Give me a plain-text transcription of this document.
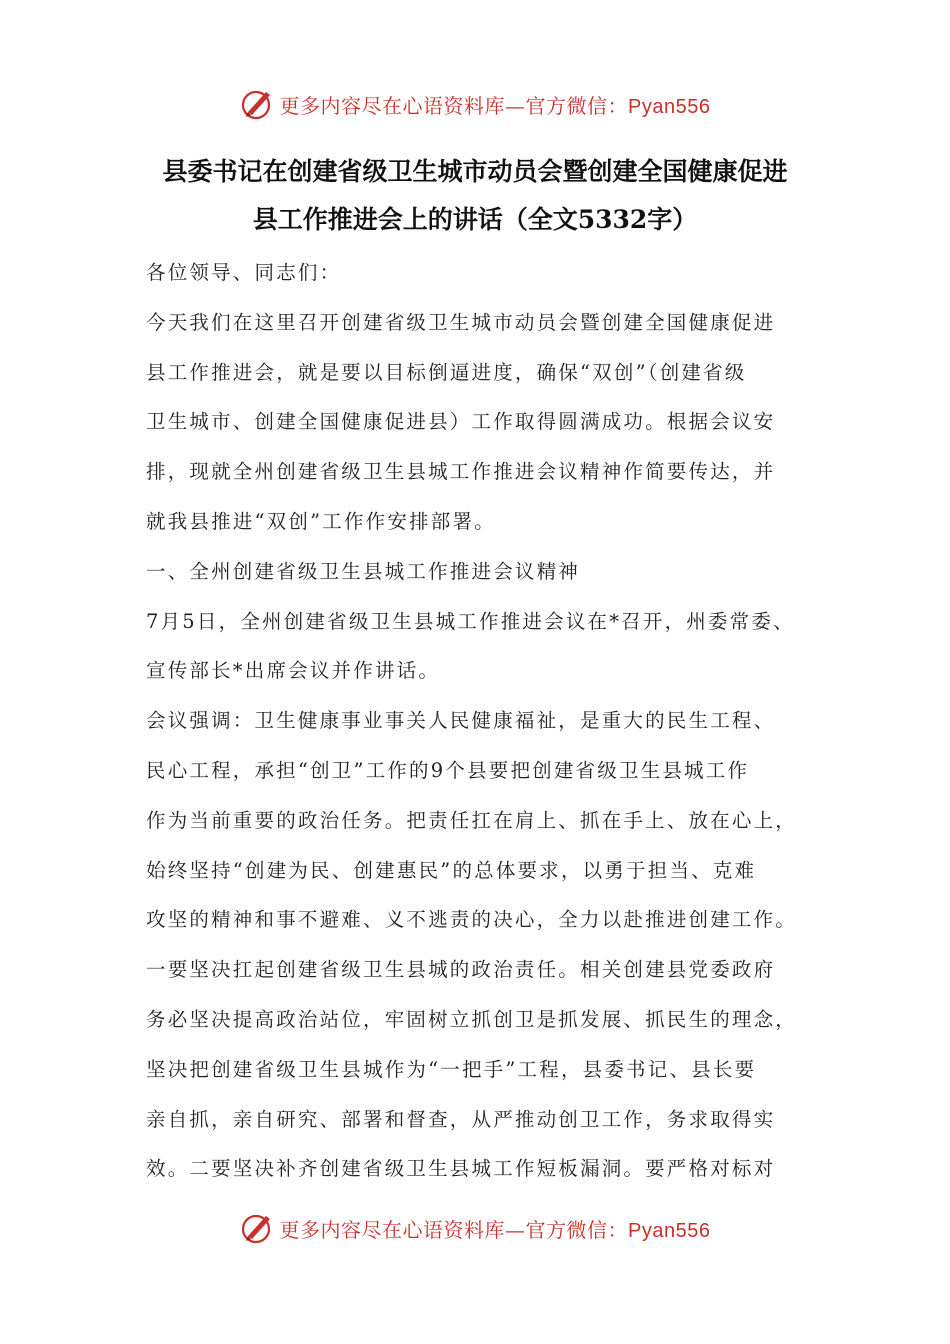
更多内容尽在心语资料库—官方微信：Pyan556
县委书记在创建省级卫生城市动员会暨创建全国健康促进
县工作推进会上的讲话（全文5332字）
各位领导、同志们：
今天我们在这里召开创建省级卫生城市动员会暨创建全国健康促进
县工作推进会，就是要以目标倒逼进度，确保“双创”（创建省级
卫生城市、创建全国健康促进县）工作取得圆满成功。根据会议安
排，现就全州创建省级卫生县城工作推进会议精神作简要传达，并
就我县推进“双创”工作作安排部署。
一、全州创建省级卫生县城工作推进会议精神
7月5日，全州创建省级卫生县城工作推进会议在*召开，州委常委、
宣传部长*出席会议并作讲话。
会议强调：卫生健康事业事关人民健康福祉，是重大的民生工程、
民心工程，承担“创卫”工作的9个县要把创建省级卫生县城工作
作为当前重要的政治任务。把责任扛在肩上、抓在手上、放在心上，
始终坚持“创建为民、创建惠民”的总体要求，以勇于担当、克难
攻坚的精神和事不避难、义不逃责的决心，全力以赴推进创建工作。
一要坚决扛起创建省级卫生县城的政治责任。相关创建县党委政府
务必坚决提高政治站位，牢固树立抓创卫是抓发展、抓民生的理念，
坚决把创建省级卫生县城作为“一把手”工程，县委书记、县长要
亲自抓，亲自研究、部署和督查，从严推动创卫工作，务求取得实
效。二要坚决补齐创建省级卫生县城工作短板漏洞。要严格对标对
更多内容尽在心语资料库—官方微信：Pyan556
